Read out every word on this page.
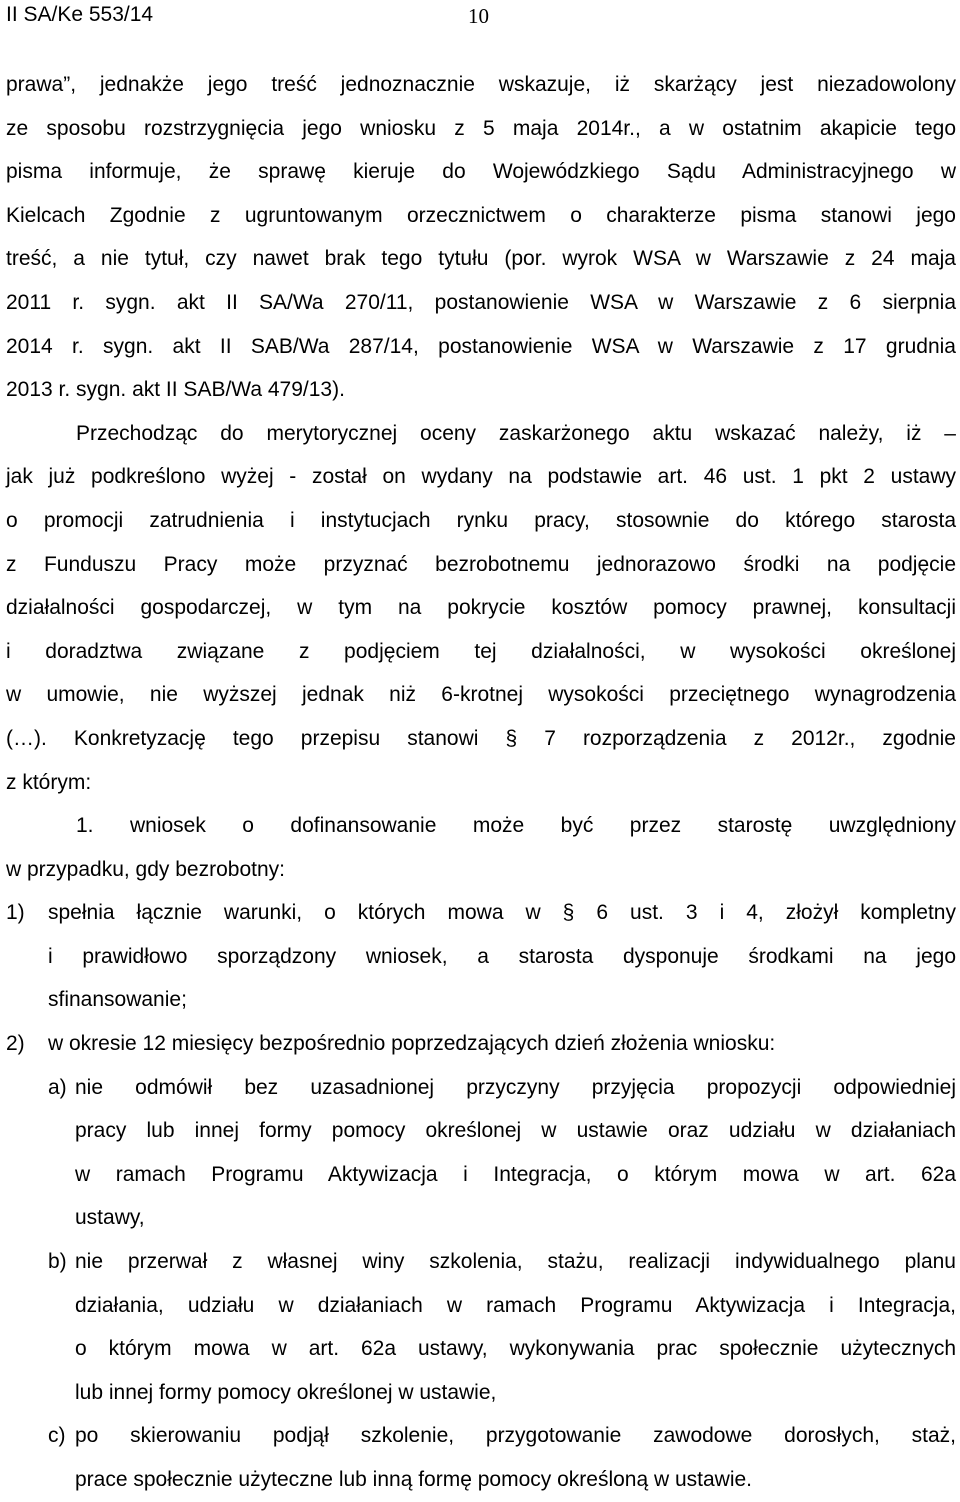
II SA/Ke 553/14	10
prawa”, jednakże jego treść jednoznacznie wskazuje, iż skarżący jest niezadowolony
ze sposobu rozstrzygnięcia jego wniosku z 5 maja 2014r., a w ostatnim akapicie tego
pisma informuje, że sprawę kieruje do Wojewódzkiego Sądu Administracyjnego w
Kielcach Zgodnie z ugruntowanym orzecznictwem o charakterze pisma stanowi jego
treść, a nie tytuł, czy nawet brak tego tytułu (por. wyrok WSA w Warszawie z 24 maja
2011 r. sygn. akt II SA/Wa 270/11, postanowienie WSA w Warszawie z 6 sierpnia
2014 r. sygn. akt II SAB/Wa 287/14, postanowienie WSA w Warszawie z 17 grudnia
2013 r. sygn. akt II SAB/Wa 479/13).
Przechodząc do merytorycznej oceny zaskarżonego aktu wskazać należy, iż –
jak już podkreślono wyżej - został on wydany na podstawie art. 46 ust. 1 pkt 2 ustawy
o promocji zatrudnienia i instytucjach rynku pracy, stosownie do którego starosta
z Funduszu Pracy może przyznać bezrobotnemu jednorazowo środki na podjęcie
działalności gospodarczej, w tym na pokrycie kosztów pomocy prawnej, konsultacji
i doradztwa związane z podjęciem tej działalności, w wysokości określonej
w umowie, nie wyższej jednak niż 6-krotnej wysokości przeciętnego wynagrodzenia
(…). Konkretyzację tego przepisu stanowi § 7 rozporządzenia z 2012r., zgodnie
z którym:
1. wniosek o dofinansowanie może być przez starostę uwzględniony
w przypadku, gdy bezrobotny:
1) spełnia łącznie warunki, o których mowa w § 6 ust. 3 i 4, złożył kompletny
i prawidłowo sporządzony wniosek, a starosta dysponuje środkami na jego
sfinansowanie;
2) w okresie 12 miesięcy bezpośrednio poprzedzających dzień złożenia wniosku:
a) nie odmówił bez uzasadnionej przyczyny przyjęcia propozycji odpowiedniej
pracy lub innej formy pomocy określonej w ustawie oraz udziału w działaniach
w ramach Programu Aktywizacja i Integracja, o którym mowa w art. 62a
ustawy,
b) nie przerwał z własnej winy szkolenia, stażu, realizacji indywidualnego planu
działania, udziału w działaniach w ramach Programu Aktywizacja i Integracja,
o którym mowa w art. 62a ustawy, wykonywania prac społecznie użytecznych
lub innej formy pomocy określonej w ustawie,
c) po skierowaniu podjął szkolenie, przygotowanie zawodowe dorosłych, staż,
prace społecznie użyteczne lub inną formę pomocy określoną w ustawie.
